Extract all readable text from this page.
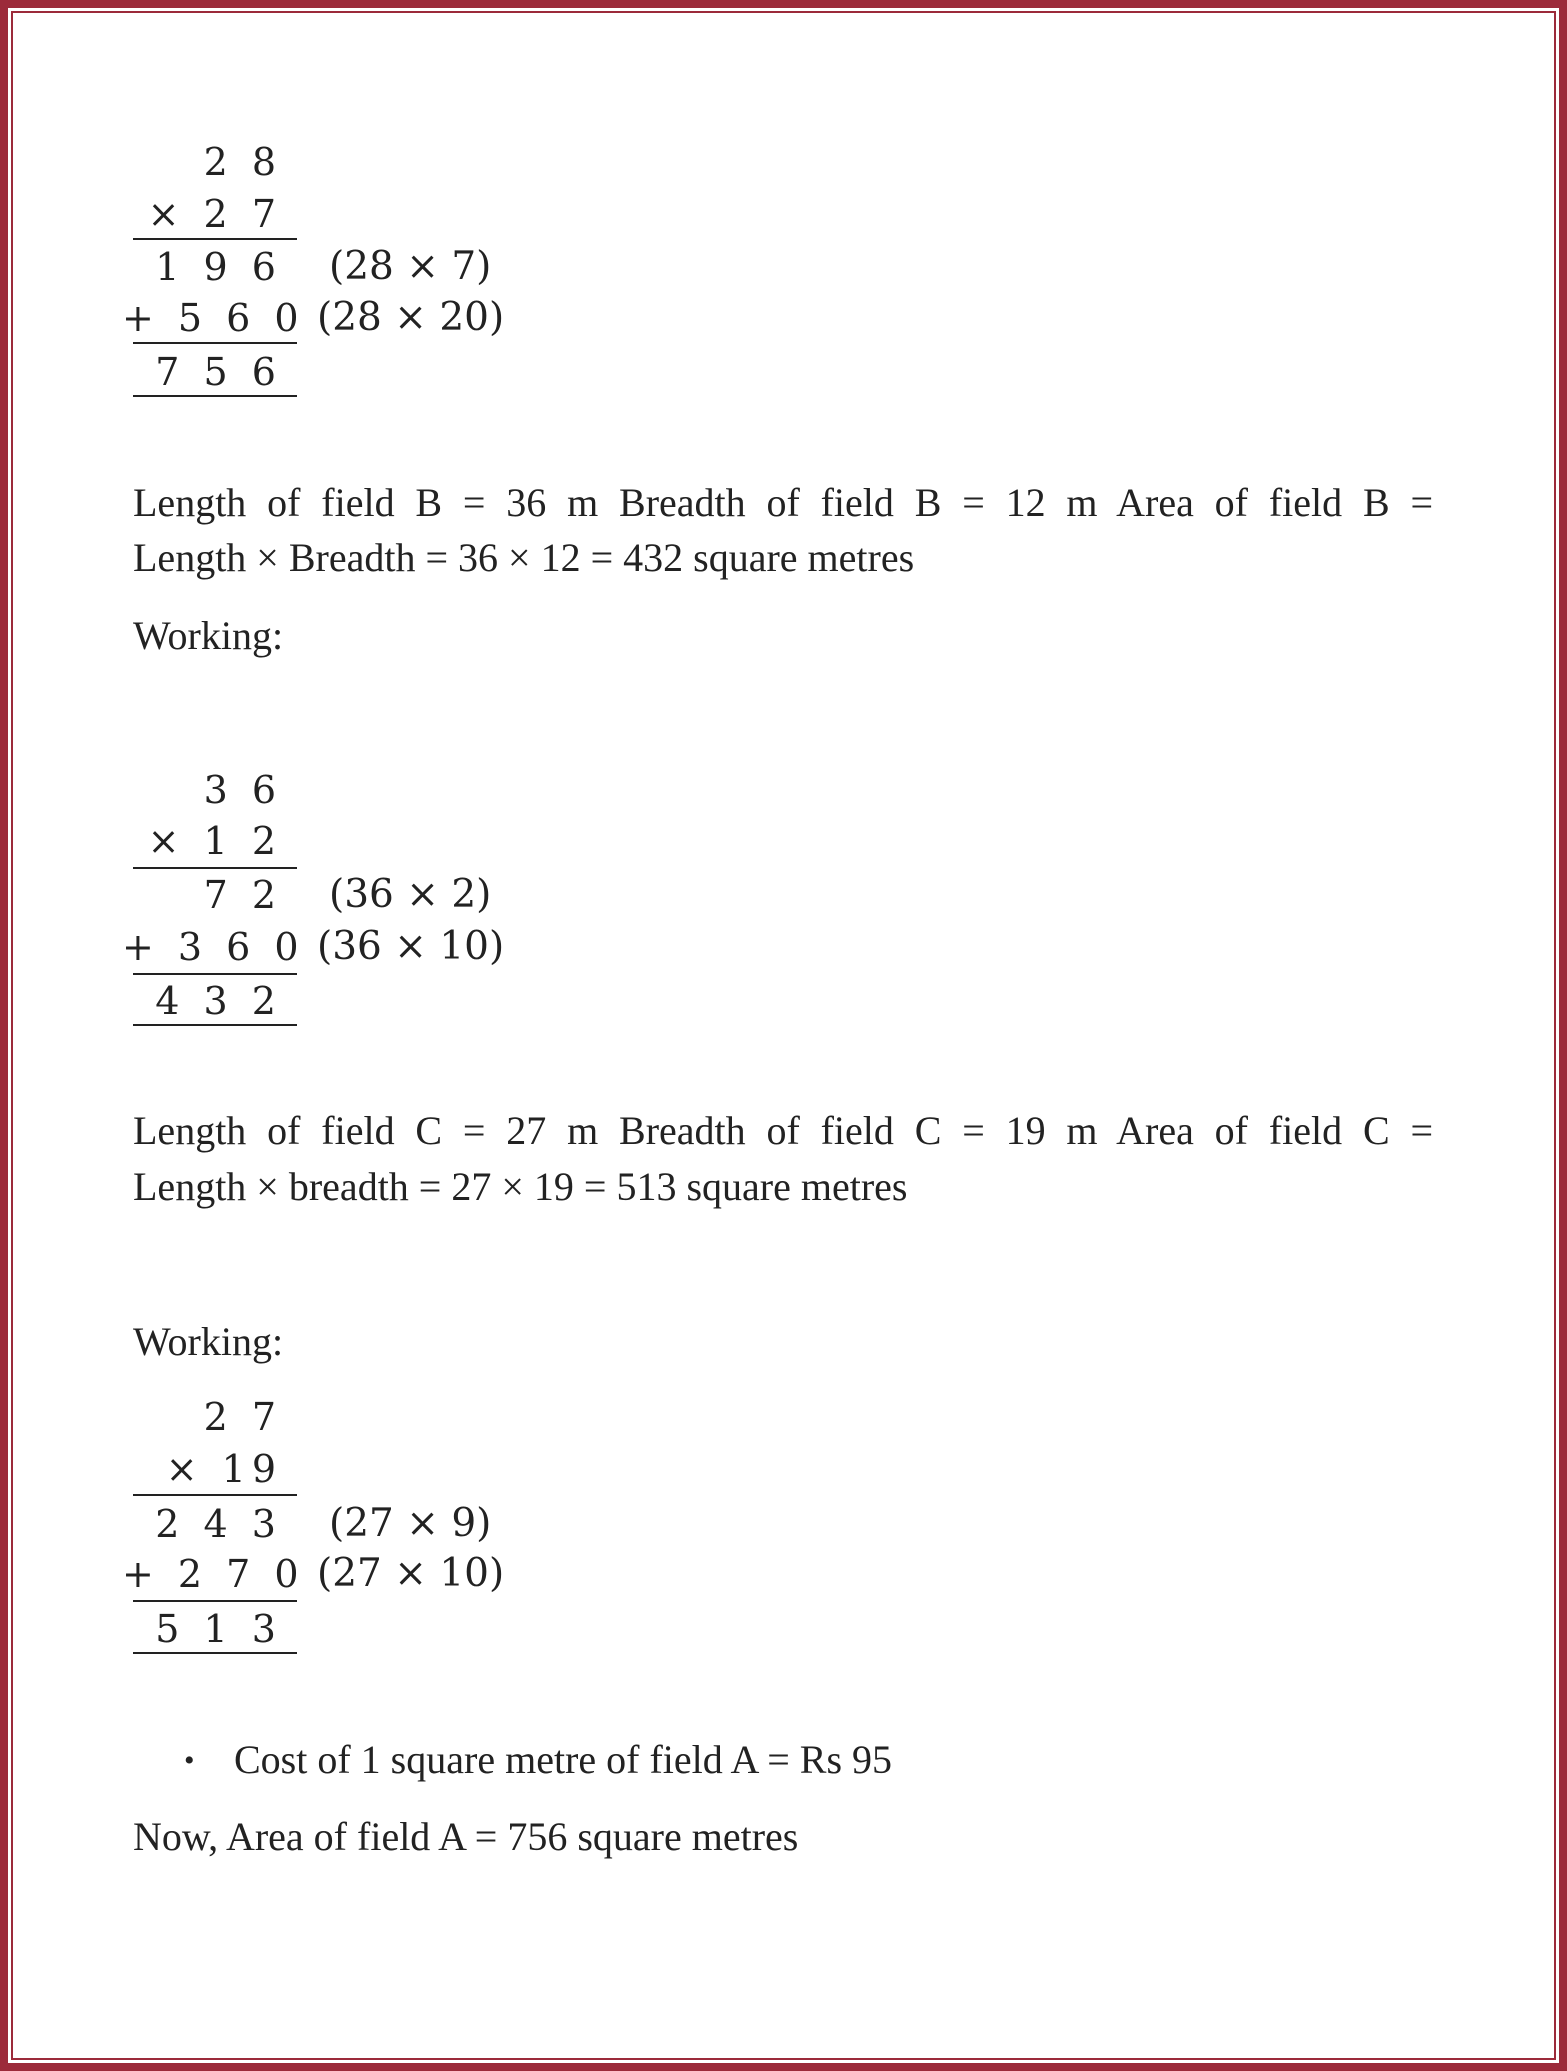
2 8
× 2 7
1 9 6 (28 × 7)
+ 5 6 0 (28 × 20)
7 5 6
Length of field B = 36 m Breadth of field B = 12 m Area of field B =
Length × Breadth = 36 × 12 = 432 square metres
Working:
3 6
× 1 2
7 2 (36 × 2)
+ 3 6 0 (36 × 10)
4 3 2
Length of field C = 27 m Breadth of field C = 19 m Area of field C =
Length × breadth = 27 × 19 = 513 square metres
Working:
2 7
× 19
2 4 3 (27 × 9)
+ 2 7 0 (27 × 10)
5 1 3
• Cost of 1 square metre of field A = Rs 95
Now, Area of field A = 756 square metres
